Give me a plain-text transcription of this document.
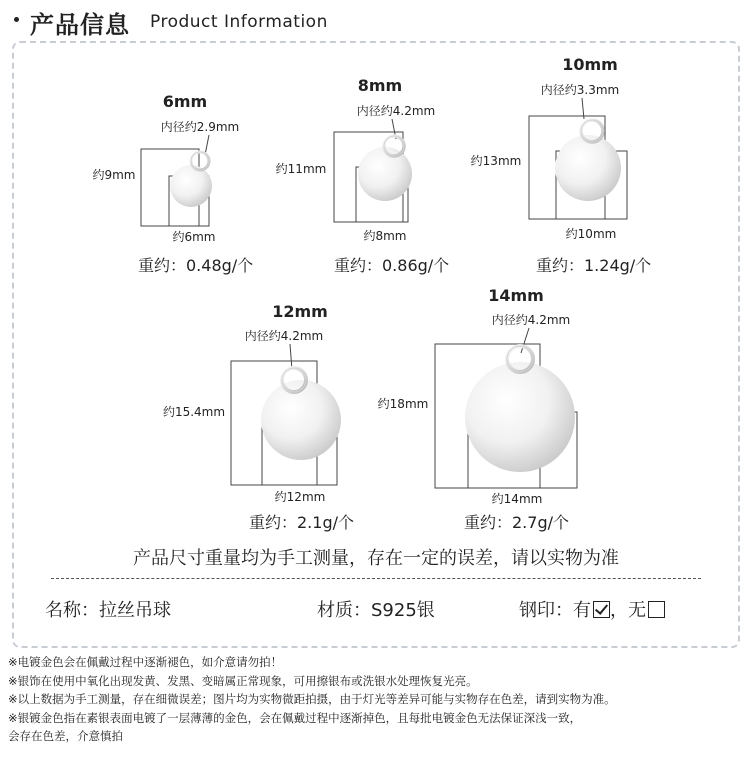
产品信息 Product Information
6mm
内径约2.9mm
约9mm
约6mm
8mm
内径约4.2mm
约11mm
约8mm
10mm
内径约3.3mm
约13mm
约10mm
12mm
内径约4.2mm
约15.4mm
约12mm
14mm
内径约4.2mm
约18mm
约14mm
重约：0.48g/个	重约：0.86g/个	重约：1.24g/个
重约：2.1g/个	重约：2.7g/个
产品尺寸重量均为手工测量，存在一定的误差，请以实物为准
名称：拉丝吊球	材质：S925银	钢印：有 ，无
※电镀金色会在佩戴过程中逐渐褪色，如介意请勿拍！
※银饰在使用中氧化出现发黄、发黑、变暗属正常现象，可用擦银布或洗银水处理恢复光亮。
※以上数据为手工测量，存在细微误差；图片均为实物微距拍摄，由于灯光等差异可能与实物存在色差，请到实物为准。
※银镀金色指在素银表面电镀了一层薄薄的金色，会在佩戴过程中逐渐掉色，且每批电镀金色无法保证深浅一致，
会存在色差，介意慎拍
